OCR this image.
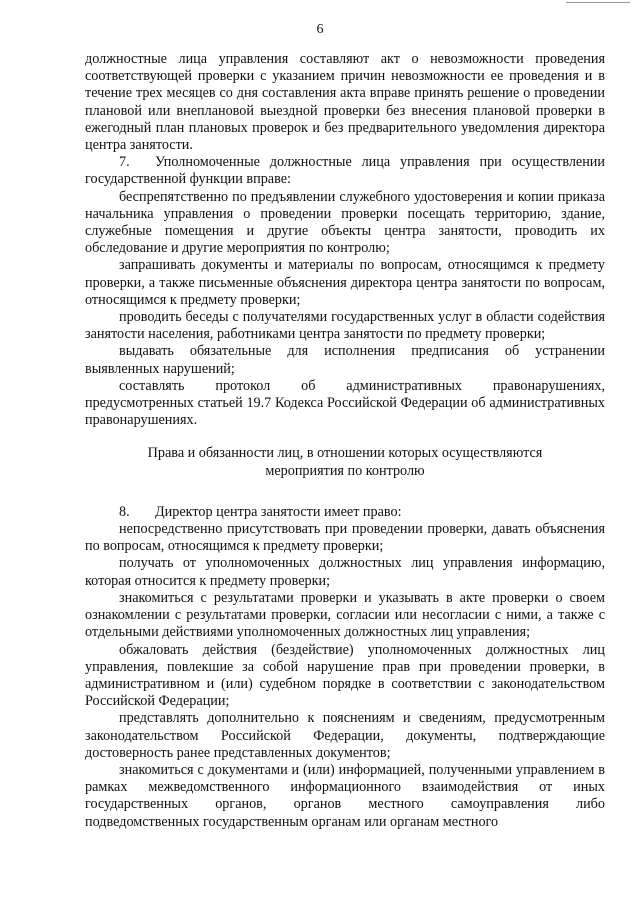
6

должностные лица управления составляют акт о невозможности проведения соответствующей проверки с указанием причин невозможности ее проведения и в течение трех месяцев со дня составления акта вправе принять решение о проведении плановой или внеплановой выездной проверки без внесения плановой проверки в ежегодный план плановых проверок и без предварительного уведомления директора центра занятости.

7. Уполномоченные должностные лица управления при осуществлении государственной функции вправе:

беспрепятственно по предъявлении служебного удостоверения и копии приказа начальника управления о проведении проверки посещать территорию, здание, служебные помещения и другие объекты центра занятости, проводить их обследование и другие мероприятия по контролю;

запрашивать документы и материалы по вопросам, относящимся к предмету проверки, а также письменные объяснения директора центра занятости по вопросам, относящимся к предмету проверки;

проводить беседы с получателями государственных услуг в области содействия занятости населения, работниками центра занятости по предмету проверки;

выдавать обязательные для исполнения предписания об устранении выявленных нарушений;

составлять протокол об административных правонарушениях, предусмотренных статьей 19.7 Кодекса Российской Федерации об административных правонарушениях.

Права и обязанности лиц, в отношении которых осуществляются мероприятия по контролю

8. Директор центра занятости имеет право:

непосредственно присутствовать при проведении проверки, давать объяснения по вопросам, относящимся к предмету проверки;

получать от уполномоченных должностных лиц управления информацию, которая относится к предмету проверки;

знакомиться с результатами проверки и указывать в акте проверки о своем ознакомлении с результатами проверки, согласии или несогласии с ними, а также с отдельными действиями уполномоченных должностных лиц управления;

обжаловать действия (бездействие) уполномоченных должностных лиц управления, повлекшие за собой нарушение прав при проведении проверки, в административном и (или) судебном порядке в соответствии с законодательством Российской Федерации;

представлять дополнительно к пояснениям и сведениям, предусмотренным законодательством Российской Федерации, документы, подтверждающие достоверность ранее представленных документов;

знакомиться с документами и (или) информацией, полученными управлением в рамках межведомственного информационного взаимодействия от иных государственных органов, органов местного самоуправления либо подведомственных государственным органам или органам местного
